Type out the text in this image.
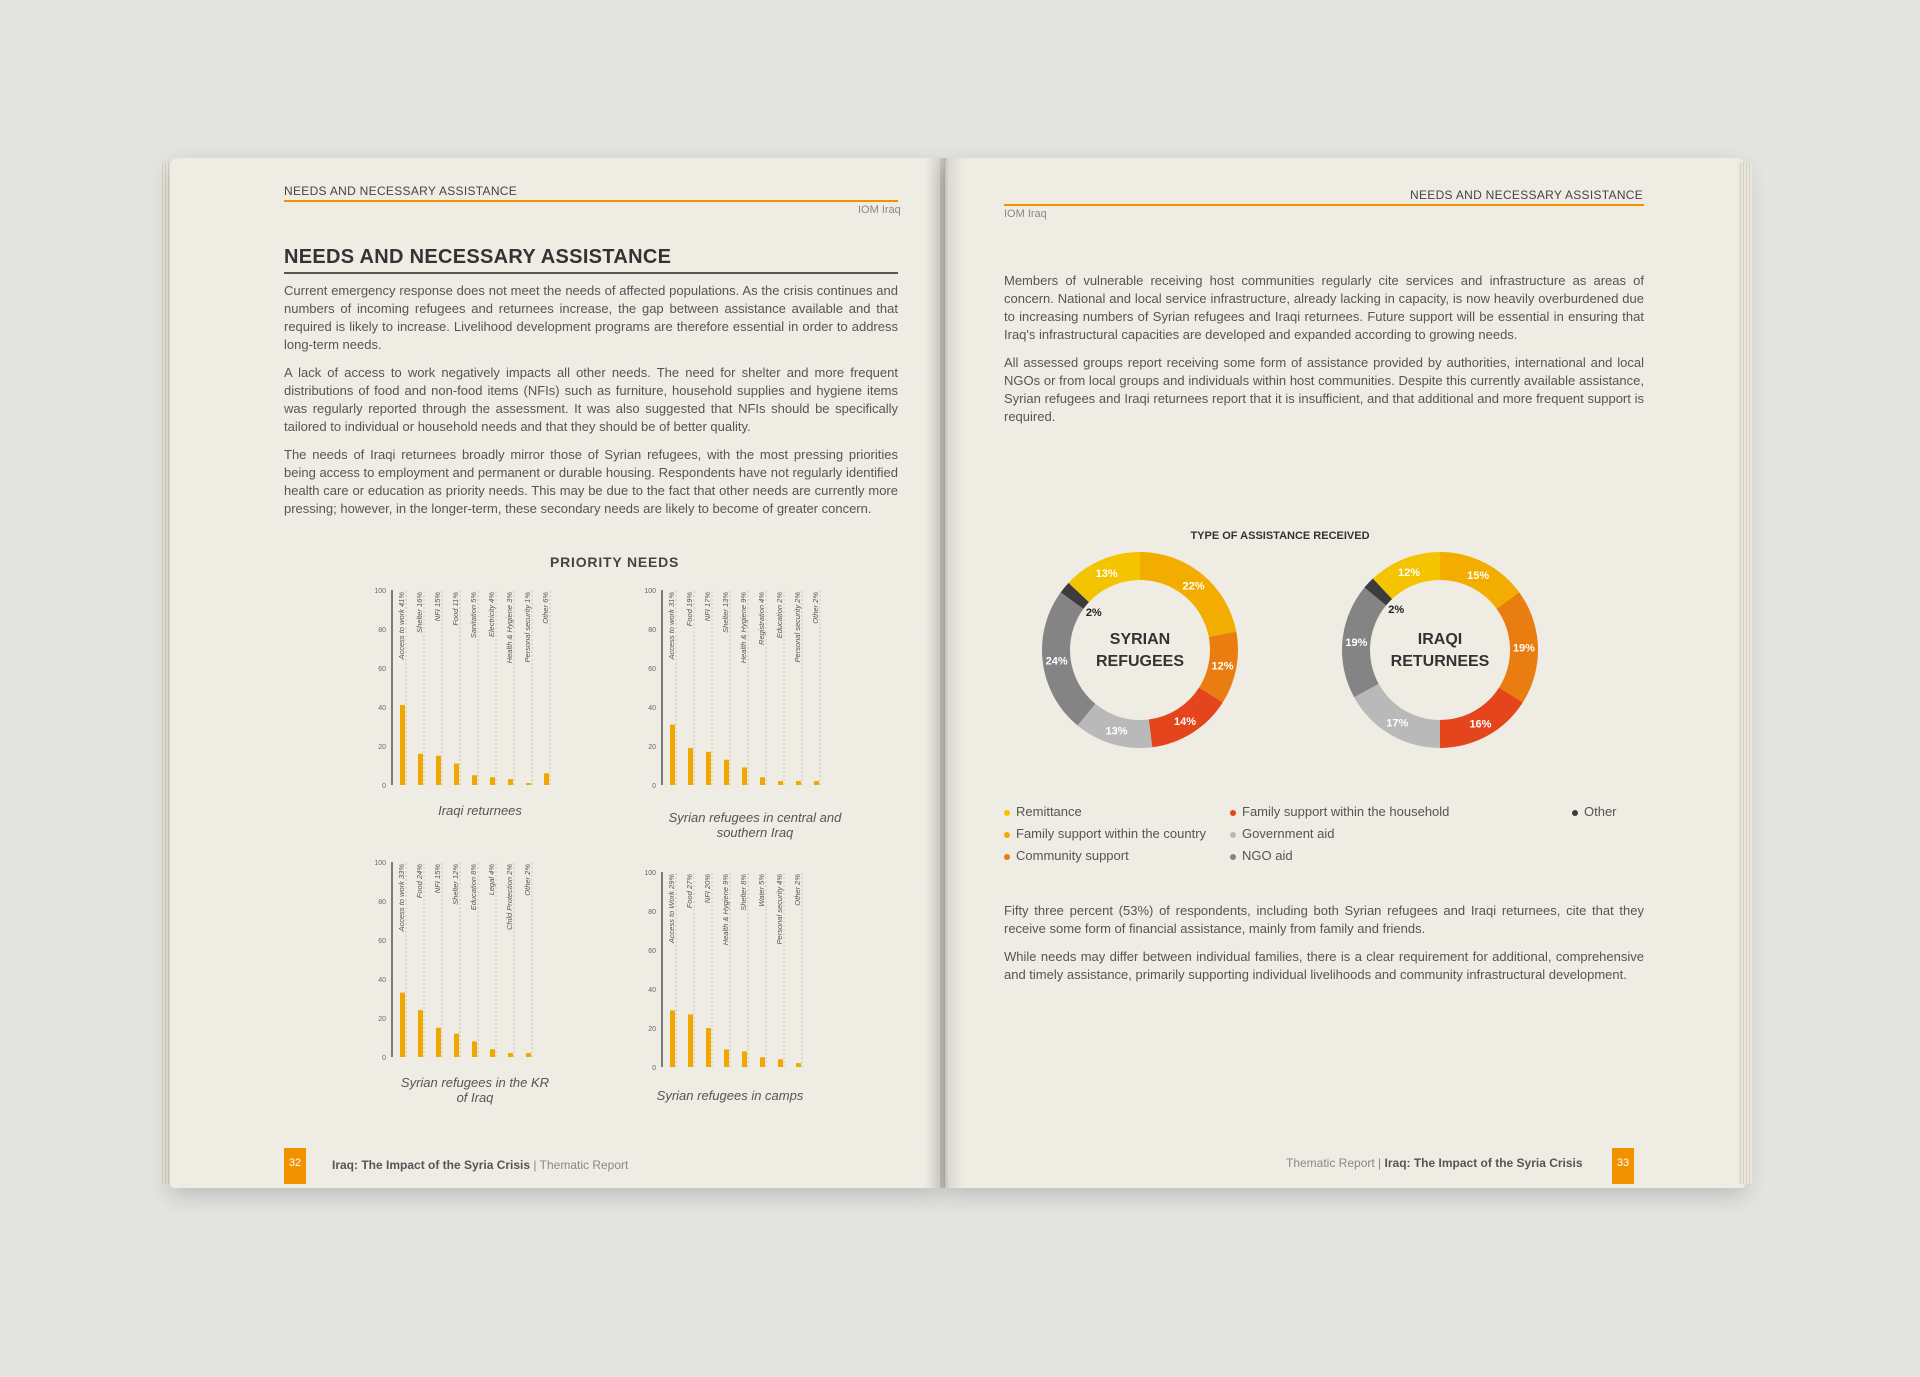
NEEDS AND NECESSARY ASSISTANCE
IOM Iraq
NEEDS AND NECESSARY ASSISTANCE

Current emergency response does not meet the needs of affected populations. As the crisis continues and numbers of incoming refugees and returnees increase, the gap between assistance available and that required is likely to increase. Livelihood development programs are therefore essential in order to address long-term needs.

A lack of access to work negatively impacts all other needs. The need for shelter and more frequent distributions of food and non-food items (NFIs) such as furniture, household supplies and hygiene items was regularly reported through the assessment. It was also suggested that NFIs should be specifically tailored to individual or household needs and that they should be of better quality.

The needs of Iraqi returnees broadly mirror those of Syrian refugees, with the most pressing priorities being access to employment and permanent or durable housing. Respondents have not regularly identified health care or education as priority needs. This may be due to the fact that other needs are currently more pressing; however, in the longer-term, these secondary needs are likely to become of greater concern.

PRIORITY NEEDS
0
20
40
60
80
100
Access to work 41% Shelter 16% NFI 15% Food 11% Sanitation 5% Electricity 4% Health & Hygiene 3% Personal security 1% Other 6%
Iraqi returnees
0
20
40
60
80
100
Access to work 31% Food 19% NFI 17% Shelter 13% Health & Hygiene 9% Registration 4% Education 2% Personal security 2% Other 2%
Syrian refugees in central and southern Iraq
0
20
40
60
80
100
Access to work 33% Food 24% NFI 15% Shelter 12% Education 8% Legal 4% Child Protection 2% Other 2%
Syrian refugees in the KR of Iraq
0
20
40
60
80
100
Access to Work 29% Food 27% NFI 20% Health & Hygiene 9% Shelter 8% Water 5% Personal security 4% Other 2%
Syrian refugees in camps
32	Iraq: The Impact of the Syria Crisis | Thematic Report
NEEDS AND NECESSARY ASSISTANCE
IOM Iraq

Members of vulnerable receiving host communities regularly cite services and infrastructure as areas of concern. National and local service infrastructure, already lacking in capacity, is now heavily overburdened due to increasing numbers of Syrian refugees and Iraqi returnees. Future support will be essential in ensuring that Iraq's infrastructural capacities are developed and expanded according to growing needs.

All assessed groups report receiving some form of assistance provided by authorities, international and local NGOs or from local groups and individuals within host communities. Despite this currently available assistance, Syrian refugees and Iraqi returnees report that it is insufficient, and that additional and more frequent support is required.

TYPE OF ASSISTANCE RECEIVED
22%
12%
14%
13%
24%
2%
13%
SYRIAN
REFUGEES
15%
19%
16%
17%
19%
2%
12%
IRAQI
RETURNEES
Remittance
Family support within the country
Community support
Family support within the household
Government aid
NGO aid
Other

Fifty three percent (53%) of respondents, including both Syrian refugees and Iraqi returnees, cite that they receive some form of financial assistance, mainly from family and friends.

While needs may differ between individual families, there is a clear requirement for additional, comprehensive and timely assistance, primarily supporting individual livelihoods and community infrastructural development.

Thematic Report | Iraq: The Impact of the Syria Crisis	33
